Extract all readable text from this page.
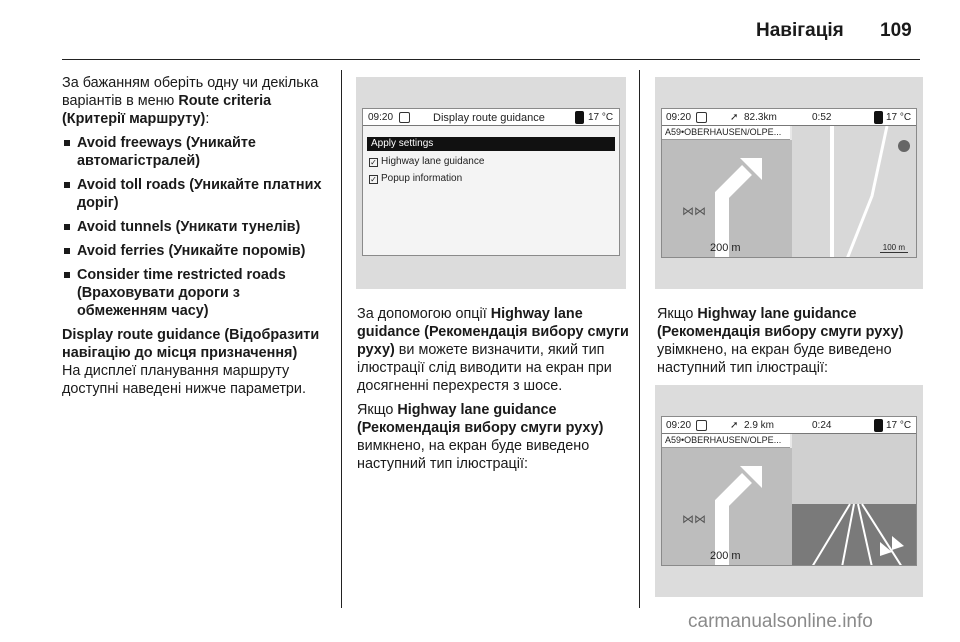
Навігація 109

За бажанням оберіть одну чи декілька варіантів в меню Route criteria (Критерії маршруту):

Avoid freeways (Уникайте автомагістралей)
Avoid toll roads (Уникайте платних доріг)
Avoid tunnels (Уникати тунелів)
Avoid ferries (Уникайте поромів)
Consider time restricted roads (Враховувати дороги з обмеженням часу)

Display route guidance (Відобразити навігацію до місця призначення)
На дисплеї планування маршруту доступні наведені нижче параметри.

09:20	Display route guidance	17 °C
Apply settings
✓ Highway lane guidance
✓ Popup information

За допомогою опції Highway lane guidance (Рекомендація вибору смуги руху) ви можете визначити, який тип ілюстрації слід виводити на екран при досягненні перехрестя з шосе.

Якщо Highway lane guidance (Рекомендація вибору смуги руху) вимкнено, на екран буде виведено наступний тип ілюстрації:

09:20	➚ 82.3km	0:52	17 °C
A59•OBERHAUSEN/OLPE...
⋈⋈
200 m	100 m

Якщо Highway lane guidance (Рекомендація вибору смуги руху) увімкнено, на екран буде виведено наступний тип ілюстрації:

09:20	➚ 2.9 km	0:24	17 °C
A59•OBERHAUSEN/OLPE...
⋈⋈
200 m
carmanualsonline.info
